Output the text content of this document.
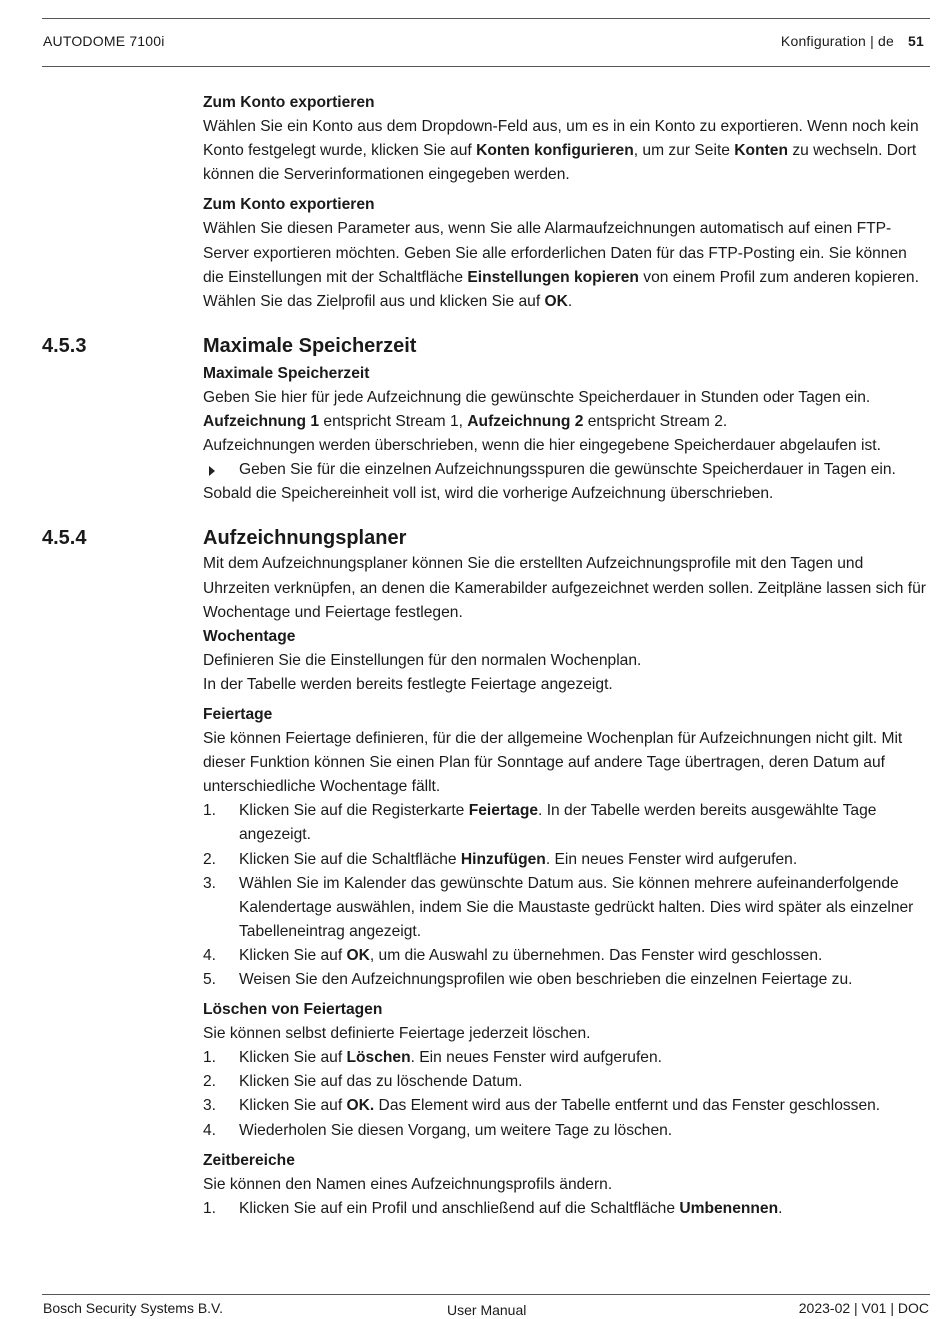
AUTODOME 7100i	Konfiguration | de 51
Zum Konto exportieren

Wählen Sie ein Konto aus dem Dropdown-Feld aus, um es in ein Konto zu exportieren. Wenn noch kein Konto festgelegt wurde, klicken Sie auf Konten konfigurieren, um zur Seite Konten zu wechseln. Dort können die Serverinformationen eingegeben werden.

Zum Konto exportieren

Wählen Sie diesen Parameter aus, wenn Sie alle Alarmaufzeichnungen automatisch auf einen FTP-Server exportieren möchten. Geben Sie alle erforderlichen Daten für das FTP-Posting ein. Sie können die Einstellungen mit der Schaltfläche Einstellungen kopieren von einem Profil zum anderen kopieren. Wählen Sie das Zielprofil aus und klicken Sie auf OK.

4.5.3	Maximale Speicherzeit
Maximale Speicherzeit

Geben Sie hier für jede Aufzeichnung die gewünschte Speicherdauer in Stunden oder Tagen ein. Aufzeichnung 1 entspricht Stream 1, Aufzeichnung 2 entspricht Stream 2.

Aufzeichnungen werden überschrieben, wenn die hier eingegebene Speicherdauer abgelaufen ist.

Geben Sie für die einzelnen Aufzeichnungsspuren die gewünschte Speicherdauer in Tagen ein.

Sobald die Speichereinheit voll ist, wird die vorherige Aufzeichnung überschrieben.

4.5.4	Aufzeichnungsplaner

Mit dem Aufzeichnungsplaner können Sie die erstellten Aufzeichnungsprofile mit den Tagen und Uhrzeiten verknüpfen, an denen die Kamerabilder aufgezeichnet werden sollen. Zeitpläne lassen sich für Wochentage und Feiertage festlegen.

Wochentage

Definieren Sie die Einstellungen für den normalen Wochenplan.

In der Tabelle werden bereits festlegte Feiertage angezeigt.

Feiertage

Sie können Feiertage definieren, für die der allgemeine Wochenplan für Aufzeichnungen nicht gilt. Mit dieser Funktion können Sie einen Plan für Sonntage auf andere Tage übertragen, deren Datum auf unterschiedliche Wochentage fällt.

1. Klicken Sie auf die Registerkarte Feiertage. In der Tabelle werden bereits ausgewählte Tage angezeigt.
2. Klicken Sie auf die Schaltfläche Hinzufügen. Ein neues Fenster wird aufgerufen.
3. Wählen Sie im Kalender das gewünschte Datum aus. Sie können mehrere aufeinanderfolgende Kalendertage auswählen, indem Sie die Maustaste gedrückt halten. Dies wird später als einzelner Tabelleneintrag angezeigt.
4. Klicken Sie auf OK, um die Auswahl zu übernehmen. Das Fenster wird geschlossen.
5. Weisen Sie den Aufzeichnungsprofilen wie oben beschrieben die einzelnen Feiertage zu.
Löschen von Feiertagen

Sie können selbst definierte Feiertage jederzeit löschen.

1. Klicken Sie auf Löschen. Ein neues Fenster wird aufgerufen.
2. Klicken Sie auf das zu löschende Datum.
3. Klicken Sie auf OK. Das Element wird aus der Tabelle entfernt und das Fenster geschlossen.
4. Wiederholen Sie diesen Vorgang, um weitere Tage zu löschen.
Zeitbereiche

Sie können den Namen eines Aufzeichnungsprofils ändern.

1. Klicken Sie auf ein Profil und anschließend auf die Schaltfläche Umbenennen.
Bosch Security Systems B.V.	User Manual	2023-02 | V01 | DOC
